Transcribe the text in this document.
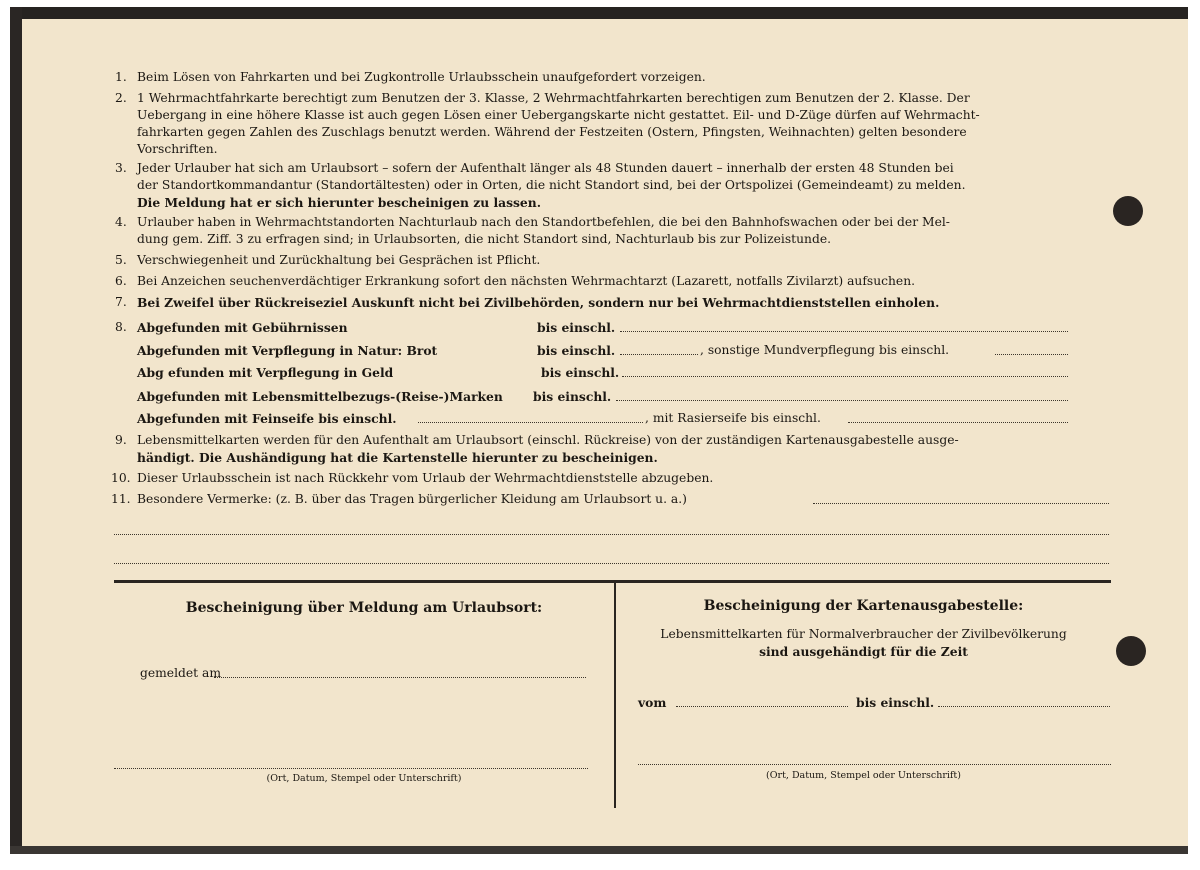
1. Beim Lösen von Fahrkarten und bei Zugkontrolle Urlaubsschein unaufgefordert vorzeigen.
2. 1 Wehrmachtfahrkarte berechtigt zum Benutzen der 3. Klasse, 2 Wehrmachtfahrkarten berechtigen zum Benutzen der 2. Klasse. Der
Uebergang in eine höhere Klasse ist auch gegen Lösen einer Uebergangskarte nicht gestattet. Eil- und D-Züge dürfen auf Wehrmacht-
fahrkarten gegen Zahlen des Zuschlags benutzt werden. Während der Festzeiten (Ostern, Pfingsten, Weihnachten) gelten besondere
Vorschriften.
3. Jeder Urlauber hat sich am Urlaubsort – sofern der Aufenthalt länger als 48 Stunden dauert – innerhalb der ersten 48 Stunden bei
der Standortkommandantur (Standortältesten) oder in Orten, die nicht Standort sind, bei der Ortspolizei (Gemeindeamt) zu melden.
Die Meldung hat er sich hierunter bescheinigen zu lassen.
4. Urlauber haben in Wehrmachtstandorten Nachturlaub nach den Standortbefehlen, die bei den Bahnhofswachen oder bei der Mel-
dung gem. Ziff. 3 zu erfragen sind; in Urlaubsorten, die nicht Standort sind, Nachturlaub bis zur Polizeistunde.
5. Verschwiegenheit und Zurückhaltung bei Gesprächen ist Pflicht.
6. Bei Anzeichen seuchenverdächtiger Erkrankung sofort den nächsten Wehrmachtarzt (Lazarett, notfalls Zivilarzt) aufsuchen.
7. Bei Zweifel über Rückreiseziel Auskunft nicht bei Zivilbehörden, sondern nur bei Wehrmachtdienststellen einholen.
8. Abgefunden mit Gebührnissen	bis einschl.
Abgefunden mit Verpflegung in Natur: Brot	bis einschl.	, sonstige Mundverpflegung bis einschl.
Abg efunden mit Verpflegung in Geld	bis einschl.
Abgefunden mit Lebensmittelbezugs-(Reise-)Marken bis einschl.
Abgefunden mit Feinseife bis einschl.	, mit Rasierseife bis einschl.
9. Lebensmittelkarten werden für den Aufenthalt am Urlaubsort (einschl. Rückreise) von der zuständigen Kartenausgabestelle ausge-
händigt. Die Aushändigung hat die Kartenstelle hierunter zu bescheinigen.
10. Dieser Urlaubsschein ist nach Rückkehr vom Urlaub der Wehrmachtdienststelle abzugeben.
11. Besondere Vermerke: (z. B. über das Tragen bürgerlicher Kleidung am Urlaubsort u. a.)
Bescheinigung über Meldung am Urlaubsort:
gemeldet am
(Ort, Datum, Stempel oder Unterschrift)
Bescheinigung der Kartenausgabestelle:
Lebensmittelkarten für Normalverbraucher der Zivilbevölkerung
sind ausgehändigt für die Zeit
vom	bis einschl.
(Ort, Datum, Stempel oder Unterschrift)
